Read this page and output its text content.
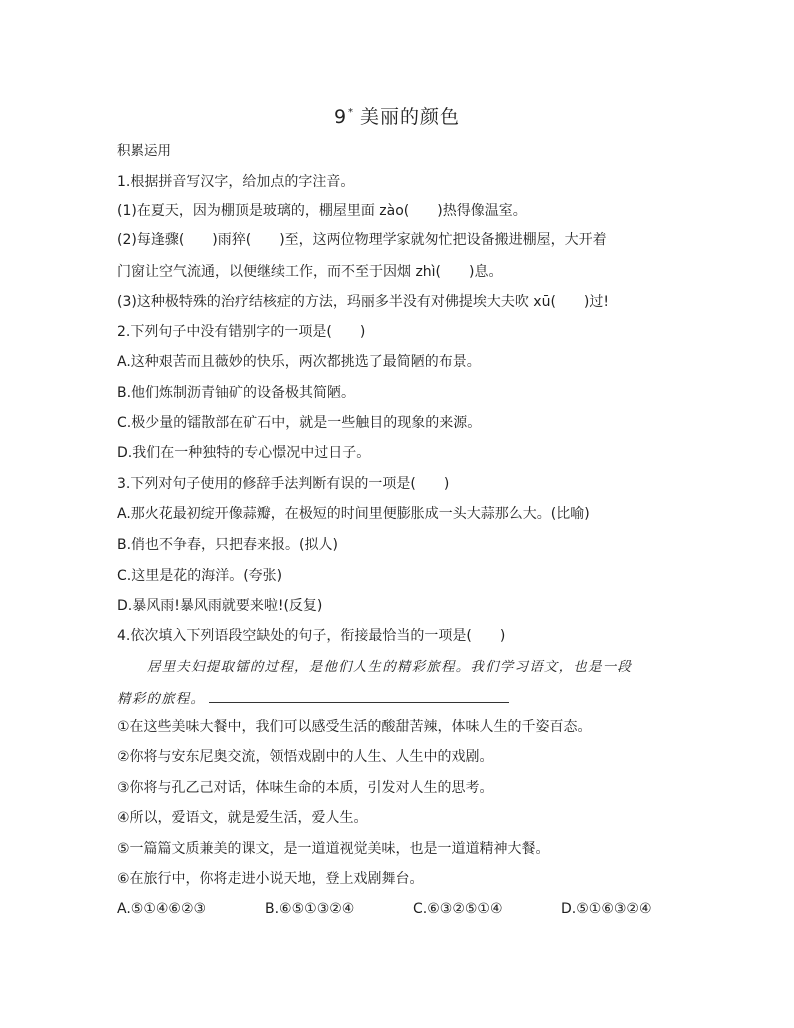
9* 美丽的颜色
积累运用
1.根据拼音写汉字，给加点的字注音。
(1)在夏天，因为棚顶是玻璃的，棚屋里面 zào(　　)热得像温室。
(2)每逢骤(　　)雨猝(　　)至，这两位物理学家就匆忙把设备搬进棚屋，大开着
门窗让空气流通，以便继续工作，而不至于因烟 zhì(　　)息。
(3)这种极特殊的治疗结核症的方法，玛丽多半没有对佛提埃大夫吹 xū(　　)过!
2.下列句子中没有错别字的一项是(　　)
A.这种艰苦而且薇妙的快乐，两次都挑选了最简陋的布景。
B.他们炼制沥青铀矿的设备极其简陋。
C.极少量的镭散部在矿石中，就是一些触目的现象的来源。
D.我们在一种独特的专心憬况中过日子。
3.下列对句子使用的修辞手法判断有误的一项是(　　)
A.那火花最初绽开像蒜瓣，在极短的时间里便膨胀成一头大蒜那么大。(比喻)
B.俏也不争春，只把春来报。(拟人)
C.这里是花的海洋。(夸张)
D.暴风雨!暴风雨就要来啦!(反复)
4.依次填入下列语段空缺处的句子，衔接最恰当的一项是(　　)
居里夫妇提取镭的过程，是他们人生的精彩旅程。我们学习语文，也是一段
精彩的旅程。
①在这些美味大餐中，我们可以感受生活的酸甜苦辣，体味人生的千姿百态。
②你将与安东尼奥交流，领悟戏剧中的人生、人生中的戏剧。
③你将与孔乙己对话，体味生命的本质，引发对人生的思考。
④所以，爱语文，就是爱生活，爱人生。
⑤一篇篇文质兼美的课文，是一道道视觉美味，也是一道道精神大餐。
⑥在旅行中，你将走进小说天地，登上戏剧舞台。
A.⑤①④⑥②③	B.⑥⑤①③②④	C.⑥③②⑤①④	D.⑤①⑥③②④
